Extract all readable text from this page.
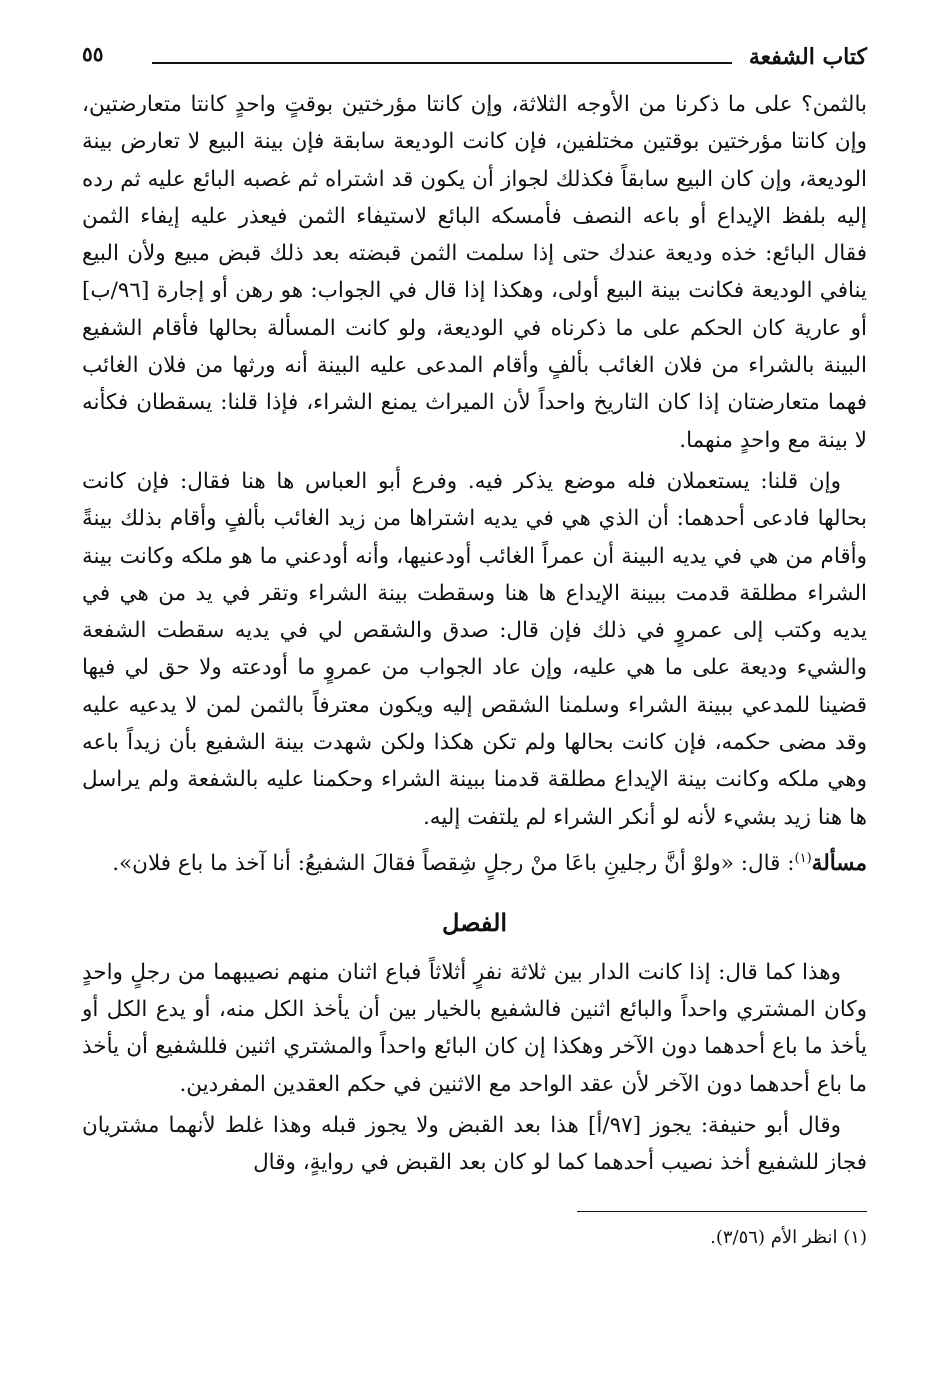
كتاب الشفعة
٥٥

بالثمن؟ على ما ذكرنا من الأوجه الثلاثة، وإن كانتا مؤرختين بوقتٍ واحدٍ كانتا متعارضتين، وإن كانتا مؤرختين بوقتين مختلفين، فإن كانت الوديعة سابقة فإن بينة البيع لا تعارض بينة الوديعة، وإن كان البيع سابقاً فكذلك لجواز أن يكون قد اشتراه ثم غصبه البائع عليه ثم رده إليه بلفظ الإيداع أو باعه النصف فأمسكه البائع لاستيفاء الثمن فيعذر عليه إيفاء الثمن فقال البائع: خذه وديعة عندك حتى إذا سلمت الثمن قبضته بعد ذلك قبض مبيع ولأن البيع ينافي الوديعة فكانت بينة البيع أولى، وهكذا إذا قال في الجواب: هو رهن أو إجارة [٩٦/ب] أو عارية كان الحكم على ما ذكرناه في الوديعة، ولو كانت المسألة بحالها فأقام الشفيع البينة بالشراء من فلان الغائب بألفٍ وأقام المدعى عليه البينة أنه ورثها من فلان الغائب فهما متعارضتان إذا كان التاريخ واحداً لأن الميراث يمنع الشراء، فإذا قلنا: يسقطان فكأنه لا بينة مع واحدٍ منهما.

وإن قلنا: يستعملان فله موضع يذكر فيه. وفرع أبو العباس ها هنا فقال: فإن كانت بحالها فادعى أحدهما: أن الذي هي في يديه اشتراها من زيد الغائب بألفٍ وأقام بذلك بينةً وأقام من هي في يديه البينة أن عمراً الغائب أودعنيها، وأنه أودعني ما هو ملكه وكانت بينة الشراء مطلقة قدمت ببينة الإيداع ها هنا وسقطت بينة الشراء وتقر في يد من هي في يديه وكتب إلى عمروٍ في ذلك فإن قال: صدق والشقص لي في يديه سقطت الشفعة والشيء وديعة على ما هي عليه، وإن عاد الجواب من عمروٍ ما أودعته ولا حق لي فيها قضينا للمدعي ببينة الشراء وسلمنا الشقص إليه ويكون معترفاً بالثمن لمن لا يدعيه عليه وقد مضى حكمه، فإن كانت بحالها ولم تكن هكذا ولكن شهدت بينة الشفيع بأن زيداً باعه وهي ملكه وكانت بينة الإيداع مطلقة قدمنا ببينة الشراء وحكمنا عليه بالشفعة ولم يراسل ها هنا زيد بشيء لأنه لو أنكر الشراء لم يلتفت إليه.

مسألة$^{(١)}$: قال: «ولوْ أنَّ رجلينِ باعَا منْ رجلٍ شِقصاً فقالَ الشفيعُ: أنا آخذ ما باع فلان».

الفصل

وهذا كما قال: إذا كانت الدار بين ثلاثة نفرٍ أثلاثاً فباع اثنان منهم نصيبهما من رجلٍ واحدٍ وكان المشتري واحداً والبائع اثنين فالشفيع بالخيار بين أن يأخذ الكل منه، أو يدع الكل أو يأخذ ما باع أحدهما دون الآخر وهكذا إن كان البائع واحداً والمشتري اثنين فللشفيع أن يأخذ ما باع أحدهما دون الآخر لأن عقد الواحد مع الاثنين في حكم العقدين المفردين.

وقال أبو حنيفة: يجوز [٩٧/أ] هذا بعد القبض ولا يجوز قبله وهذا غلط لأنهما مشتريان فجاز للشفيع أخذ نصيب أحدهما كما لو كان بعد القبض في روايةٍ، وقال

(١) انظر الأم (٣/٥٦).
